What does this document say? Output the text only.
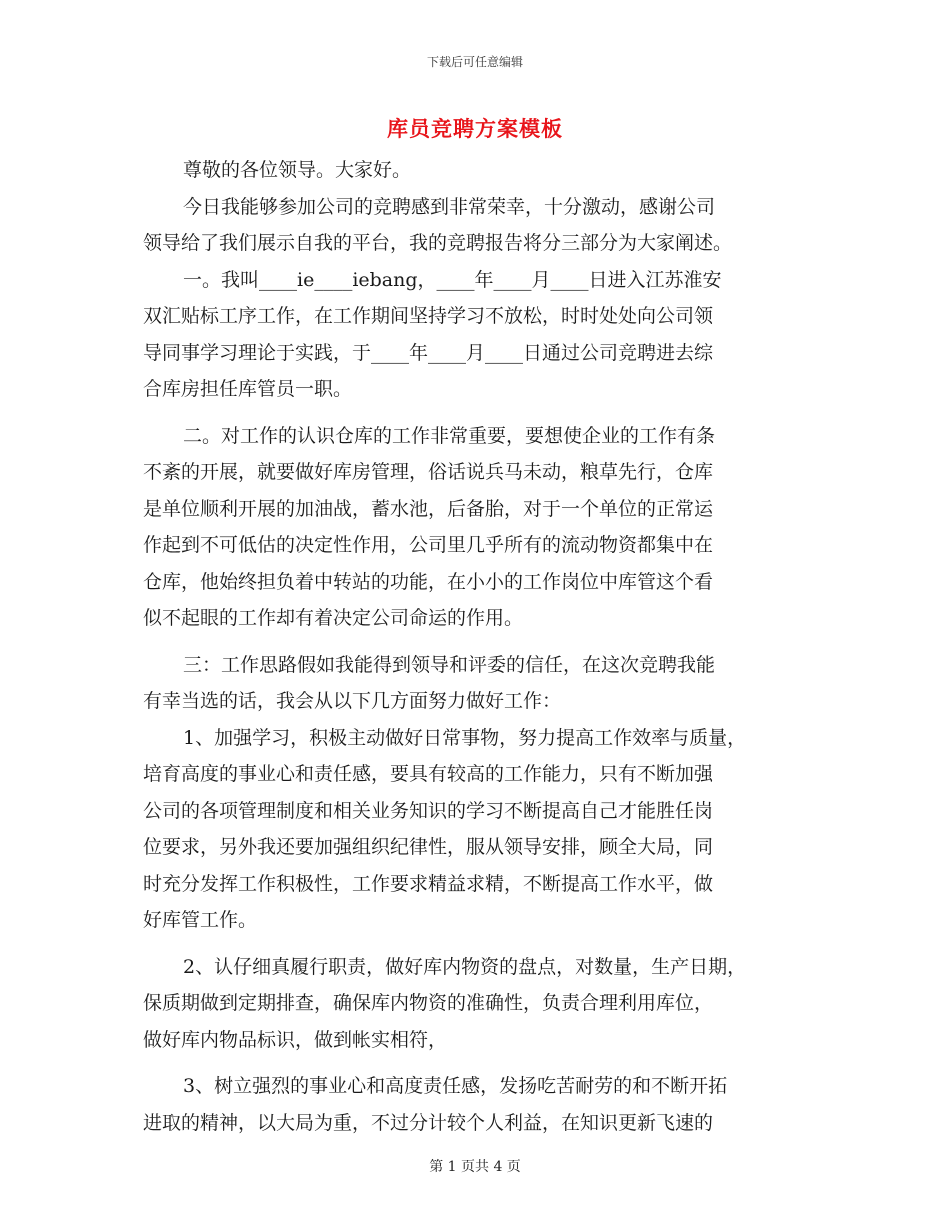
下载后可任意编辑
库员竞聘方案模板
尊敬的各位领导。大家好。
今日我能够参加公司的竞聘感到非常荣幸，十分激动，感谢公司
领导给了我们展示自我的平台，我的竞聘报告将分三部分为大家阐述。
一。我叫____ie____iebang，____年____月____日进入江苏淮安
双汇贴标工序工作，在工作期间坚持学习不放松，时时处处向公司领
导同事学习理论于实践，于____年____月____日通过公司竞聘进去综
合库房担任库管员一职。
二。对工作的认识仓库的工作非常重要，要想使企业的工作有条
不紊的开展，就要做好库房管理，俗话说兵马未动，粮草先行，仓库
是单位顺利开展的加油战，蓄水池，后备胎，对于一个单位的正常运
作起到不可低估的决定性作用，公司里几乎所有的流动物资都集中在
仓库，他始终担负着中转站的功能，在小小的工作岗位中库管这个看
似不起眼的工作却有着决定公司命运的作用。
三：工作思路假如我能得到领导和评委的信任，在这次竞聘我能
有幸当选的话，我会从以下几方面努力做好工作：
1、加强学习，积极主动做好日常事物，努力提高工作效率与质量，
培育高度的事业心和责任感，要具有较高的工作能力，只有不断加强
公司的各项管理制度和相关业务知识的学习不断提高自己才能胜任岗
位要求，另外我还要加强组织纪律性，服从领导安排，顾全大局，同
时充分发挥工作积极性，工作要求精益求精，不断提高工作水平，做
好库管工作。
2、认仔细真履行职责，做好库内物资的盘点，对数量，生产日期，
保质期做到定期排查，确保库内物资的准确性，负责合理利用库位，
做好库内物品标识，做到帐实相符，
3、树立强烈的事业心和高度责任感，发扬吃苦耐劳的和不断开拓
进取的精神，以大局为重，不过分计较个人利益，在知识更新飞速的
第 1 页共 4 页
